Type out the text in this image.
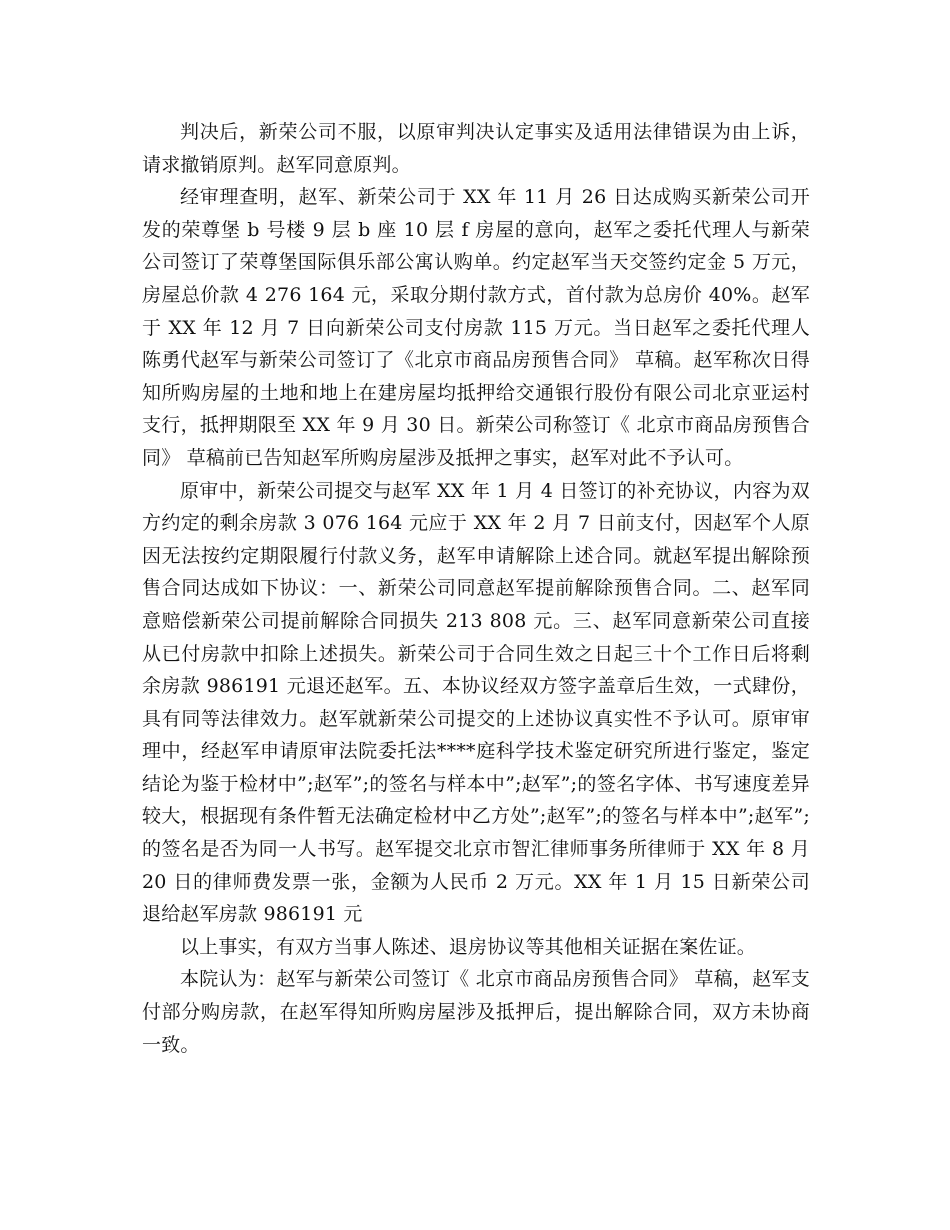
判决后，新荣公司不服，以原审判决认定事实及适用法律错误为由上诉，请求撤销原判。赵军同意原判。

经审理查明，赵军、新荣公司于 XX 年 11 月 26 日达成购买新荣公司开发的荣尊堡 b 号楼 9 层 b 座 10 层 f 房屋的意向，赵军之委托代理人与新荣公司签订了荣尊堡国际俱乐部公寓认购单。约定赵军当天交签约定金 5 万元，房屋总价款 4 276 164 元，采取分期付款方式，首付款为总房价 40%。赵军于 XX 年 12 月 7 日向新荣公司支付房款 115 万元。当日赵军之委托代理人陈勇代赵军与新荣公司签订了《北京市商品房预售合同》 草稿。赵军称次日得知所购房屋的土地和地上在建房屋均抵押给交通银行股份有限公司北京亚运村支行，抵押期限至 XX 年 9 月 30 日。新荣公司称签订《 北京市商品房预售合同》 草稿前已告知赵军所购房屋涉及抵押之事实，赵军对此不予认可。

原审中，新荣公司提交与赵军 XX 年 1 月 4 日签订的补充协议，内容为双方约定的剩余房款 3 076 164 元应于 XX 年 2 月 7 日前支付，因赵军个人原因无法按约定期限履行付款义务，赵军申请解除上述合同。就赵军提出解除预售合同达成如下协议：一、新荣公司同意赵军提前解除预售合同。二、赵军同意赔偿新荣公司提前解除合同损失 213 808 元。三、赵军同意新荣公司直接从已付房款中扣除上述损失。新荣公司于合同生效之日起三十个工作日后将剩余房款 986191 元退还赵军。五、本协议经双方签字盖章后生效，一式肆份，具有同等法律效力。赵军就新荣公司提交的上述协议真实性不予认可。原审审理中，经赵军申请原审法院委托法****庭科学技术鉴定研究所进行鉴定，鉴定结论为鉴于检材中”;赵军”;的签名与样本中”;赵军”;的签名字体、书写速度差异较大，根据现有条件暂无法确定检材中乙方处”;赵军”;的签名与样本中”;赵军”;的签名是否为同一人书写。赵军提交北京市智汇律师事务所律师于 XX 年 8 月 20 日的律师费发票一张，金额为人民币 2 万元。XX 年 1 月 15 日新荣公司退给赵军房款 986191 元

以上事实，有双方当事人陈述、退房协议等其他相关证据在案佐证。

本院认为：赵军与新荣公司签订《 北京市商品房预售合同》 草稿，赵军支付部分购房款，在赵军得知所购房屋涉及抵押后，提出解除合同，双方未协商一致。
